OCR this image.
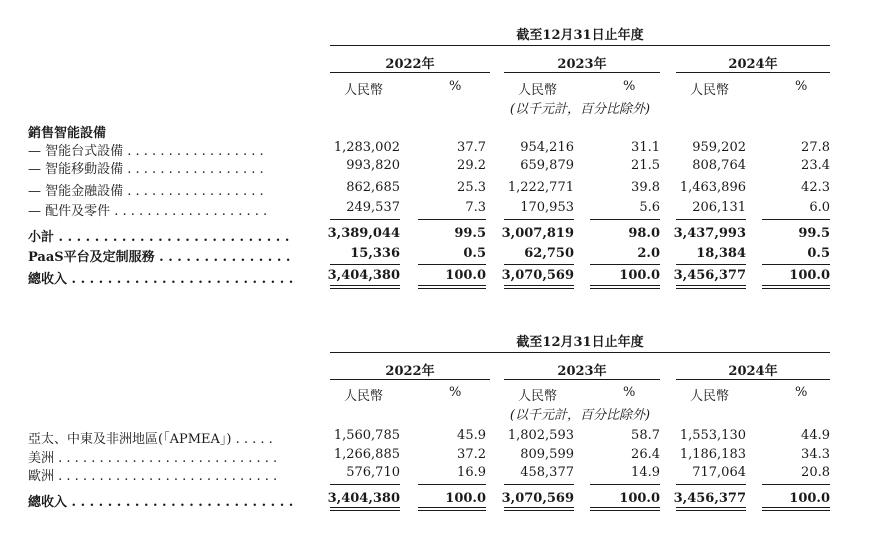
截至12月31日止年度
2022年	2023年	2024年
人民幣	%	人民幣	%	人民幣	%
(以千元計，百分比除外)
銷售智能設備
— 智能台式設備 . . . . . . . . . . . . . . . . .	1,283,002	37.7	954,216	31.1	959,202	27.8
— 智能移動設備 . . . . . . . . . . . . . . . . .	993,820	29.2	659,879	21.5	808,764	23.4
— 智能金融設備 . . . . . . . . . . . . . . . . .	862,685	25.3	1,222,771	39.8	1,463,896	42.3
— 配件及零件 . . . . . . . . . . . . . . . . . . .	249,537	7.3	170,953	5.6	206,131	6.0
小計 . . . . . . . . . . . . . . . . . . . . . . . . . .	3,389,044	99.5	3,007,819	98.0	3,437,993	99.5
PaaS平台及定制服務 . . . . . . . . . . . . . . .	15,336	0.5	62,750	2.0	18,384	0.5
總收入 . . . . . . . . . . . . . . . . . . . . . . . . .	3,404,380	100.0	3,070,569	100.0	3,456,377	100.0
截至12月31日止年度
2022年	2023年	2024年
人民幣	%	人民幣	%	人民幣	%
(以千元計，百分比除外)
亞太、中東及非洲地區(「APMEA」) . . . . .	1,560,785	45.9	1,802,593	58.7	1,553,130	44.9
美洲 . . . . . . . . . . . . . . . . . . . . . . . . . . .	1,266,885	37.2	809,599	26.4	1,186,183	34.3
歐洲 . . . . . . . . . . . . . . . . . . . . . . . . . . .	576,710	16.9	458,377	14.9	717,064	20.8
總收入 . . . . . . . . . . . . . . . . . . . . . . . . .	3,404,380	100.0	3,070,569	100.0	3,456,377	100.0
